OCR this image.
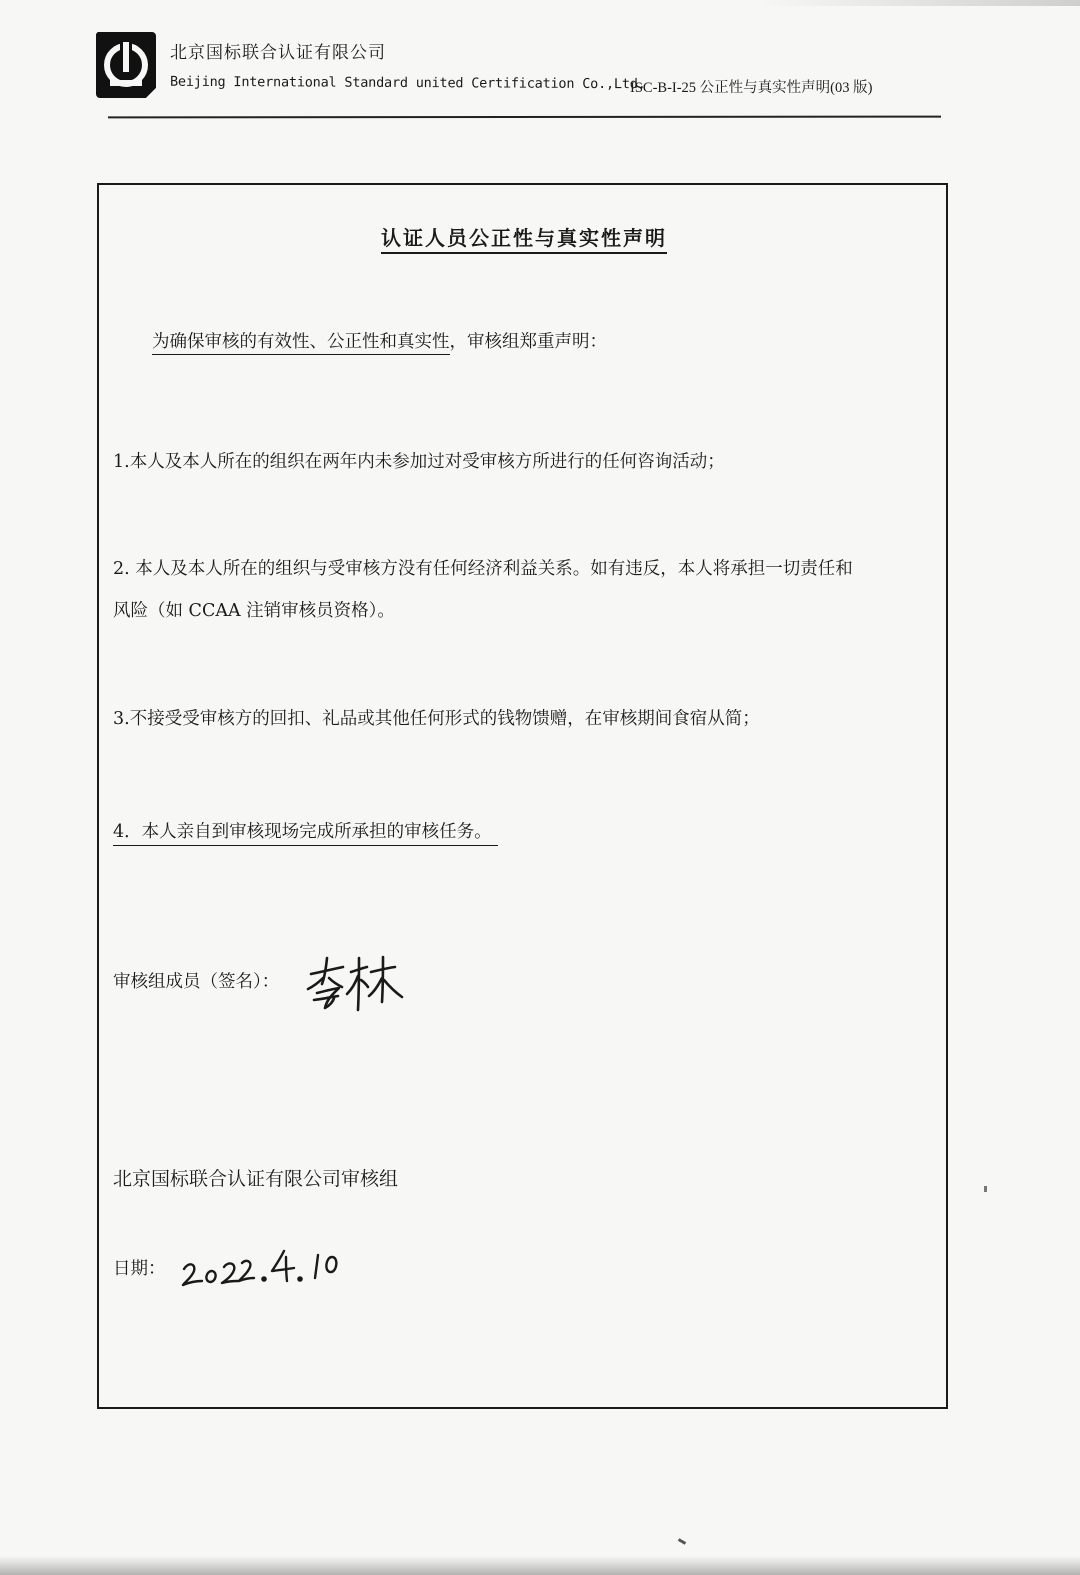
北京国标联合认证有限公司
Beijing International Standard united Certification Co.,Ltd.
ISC-B-I-25 公正性与真实性声明(03 版)
认证人员公正性与真实性声明
为确保审核的有效性、公正性和真实性，审核组郑重声明：
1.本人及本人所在的组织在两年内未参加过对受审核方所进行的任何咨询活动；
2. 本人及本人所在的组织与受审核方没有任何经济利益关系。如有违反，本人将承担一切责任和
风险（如 CCAA 注销审核员资格）。
3.不接受受审核方的回扣、礼品或其他任何形式的钱物馈赠，在审核期间食宿从简；
4．本人亲自到审核现场完成所承担的审核任务。
审核组成员（签名）：
北京国标联合认证有限公司审核组
日期：
